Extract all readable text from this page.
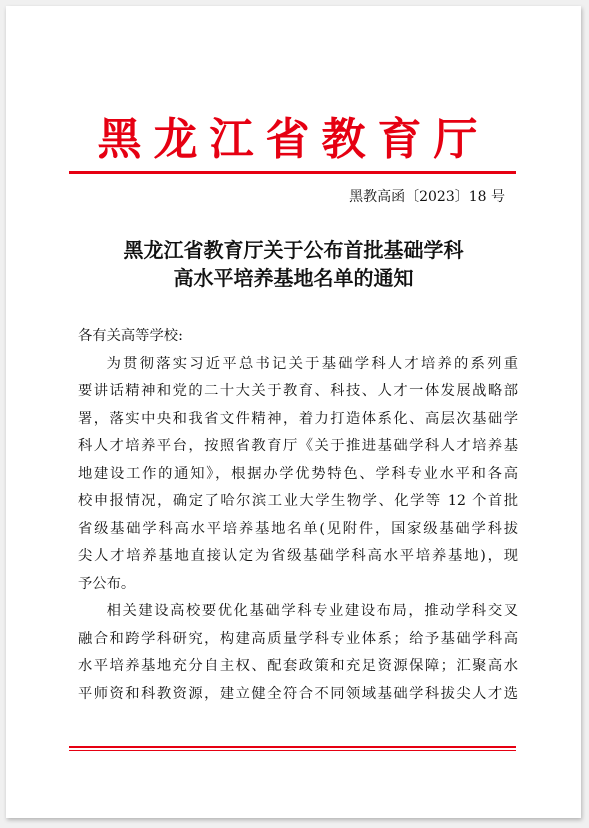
黑龙江省教育厅
黑教高函〔2023〕18 号
黑龙江省教育厅关于公布首批基础学科
高水平培养基地名单的通知

各有关高等学校:

为贯彻落实习近平总书记关于基础学科人才培养的系列重
要讲话精神和党的二十大关于教育、科技、人才一体发展战略部
署，落实中央和我省文件精神，着力打造体系化、高层次基础学
科人才培养平台，按照省教育厅《关于推进基础学科人才培养基
地建设工作的通知》，根据办学优势特色、学科专业水平和各高
校申报情况，确定了哈尔滨工业大学生物学、化学等 12 个首批
省级基础学科高水平培养基地名单(见附件，国家级基础学科拔
尖人才培养基地直接认定为省级基础学科高水平培养基地)，现
予公布。

相关建设高校要优化基础学科专业建设布局，推动学科交叉
融合和跨学科研究，构建高质量学科专业体系；给予基础学科高
水平培养基地充分自主权、配套政策和充足资源保障；汇聚高水
平师资和科教资源，建立健全符合不同领域基础学科拔尖人才选
